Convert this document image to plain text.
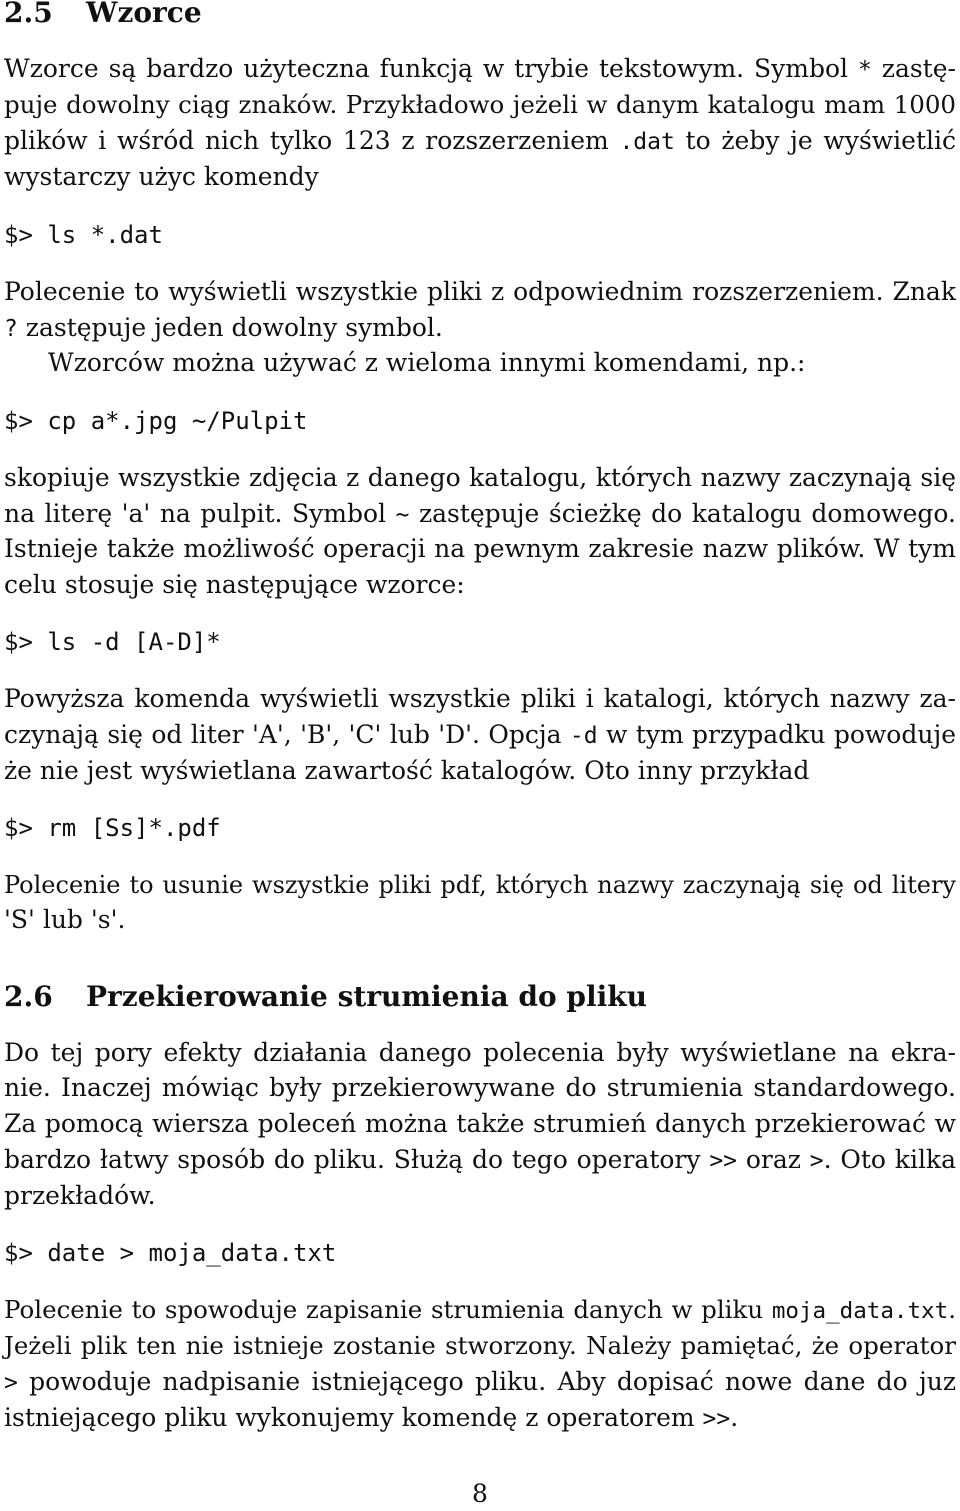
2.5 Wzorce
Wzorce są bardzo użyteczna funkcją w trybie tekstowym. Symbol * zastę-
puje dowolny ciąg znaków. Przykładowo jeżeli w danym katalogu mam 1000
plików i wśród nich tylko 123 z rozszerzeniem .dat to żeby je wyświetlić
wystarczy użyc komendy
$> ls *.dat
Polecenie to wyświetli wszystkie pliki z odpowiednim rozszerzeniem. Znak
? zastępuje jeden dowolny symbol.
Wzorców można używać z wieloma innymi komendami, np.:
$> cp a*.jpg ~/Pulpit
skopiuje wszystkie zdjęcia z danego katalogu, których nazwy zaczynają się
na literę 'a' na pulpit. Symbol ~ zastępuje ścieżkę do katalogu domowego.
Istnieje także możliwość operacji na pewnym zakresie nazw plików. W tym
celu stosuje się następujące wzorce:
$> ls -d [A-D]*
Powyższa komenda wyświetli wszystkie pliki i katalogi, których nazwy za-
czynają się od liter 'A', 'B', 'C' lub 'D'. Opcja -d w tym przypadku powoduje
że nie jest wyświetlana zawartość katalogów. Oto inny przykład
$> rm [Ss]*.pdf
Polecenie to usunie wszystkie pliki pdf, których nazwy zaczynają się od litery
'S' lub 's'.
2.6 Przekierowanie strumienia do pliku
Do tej pory efekty działania danego polecenia były wyświetlane na ekra-
nie. Inaczej mówiąc były przekierowywane do strumienia standardowego.
Za pomocą wiersza poleceń można także strumień danych przekierować w
bardzo łatwy sposób do pliku. Służą do tego operatory >> oraz >. Oto kilka
przekładów.
$> date > moja_data.txt
Polecenie to spowoduje zapisanie strumienia danych w pliku moja_data.txt.
Jeżeli plik ten nie istnieje zostanie stworzony. Należy pamiętać, że operator
> powoduje nadpisanie istniejącego pliku. Aby dopisać nowe dane do juz
istniejącego pliku wykonujemy komendę z operatorem >>.
8
